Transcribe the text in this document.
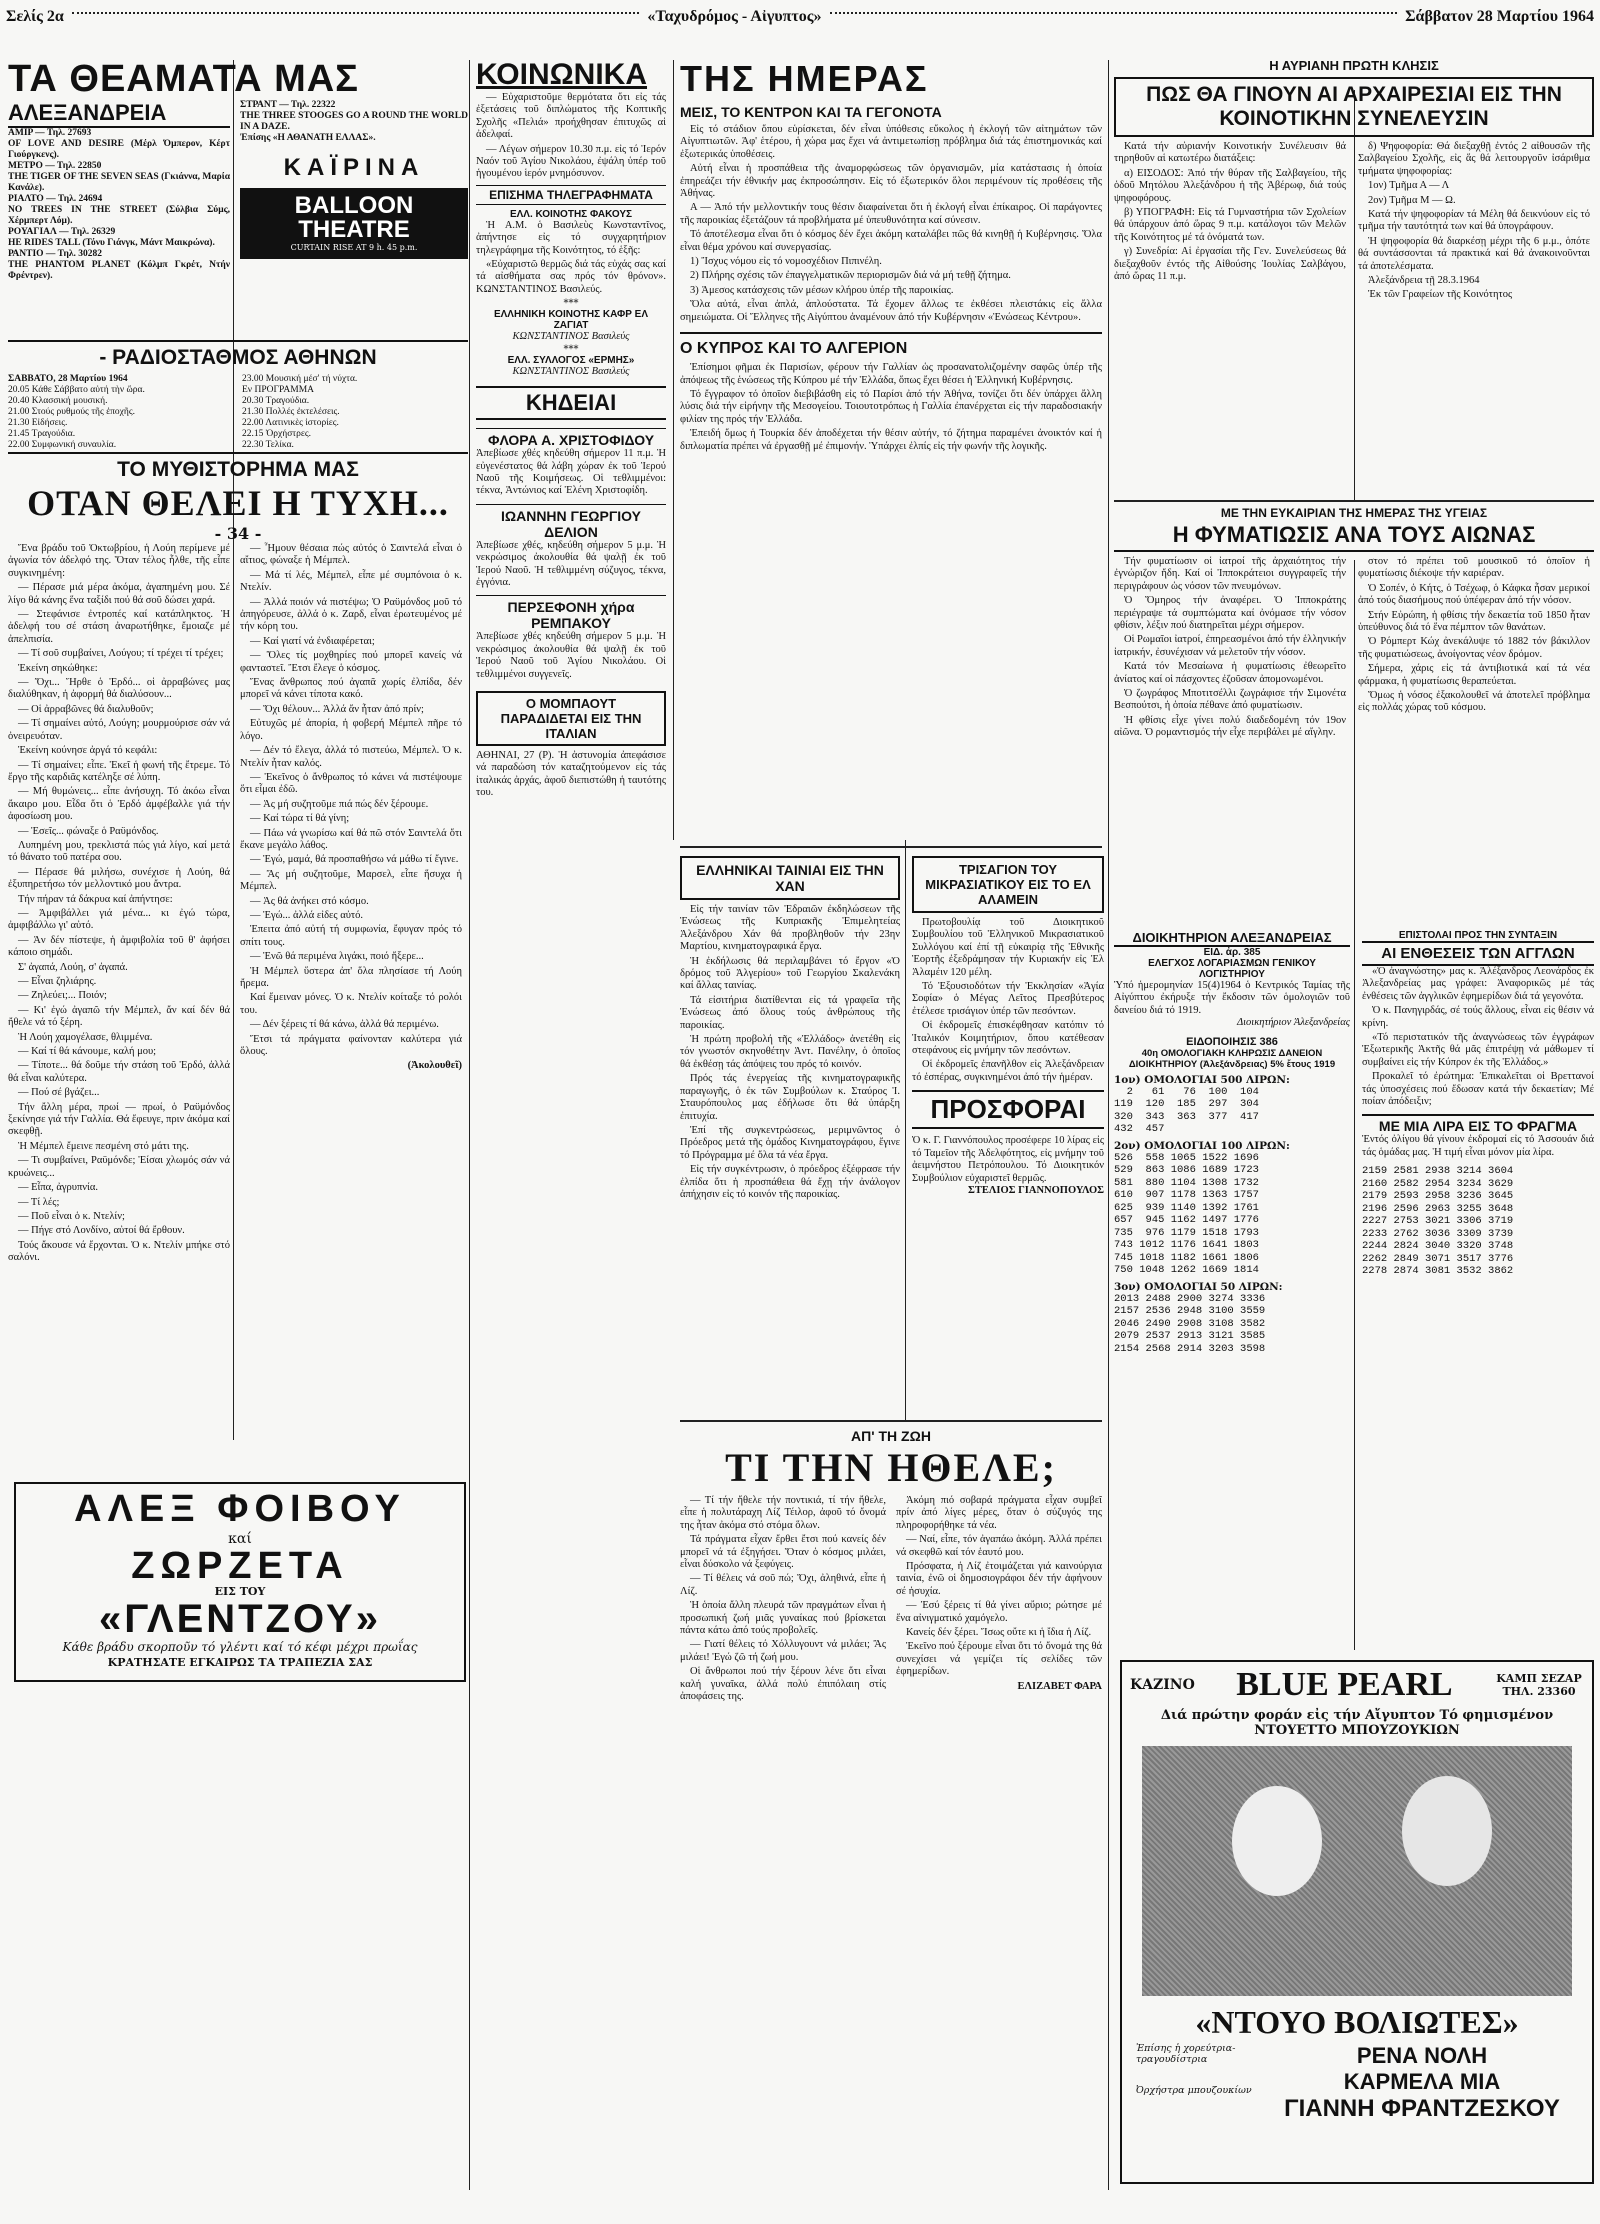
Σελίς 2α	«Ταχυδρόμος - Αἰγυπτος»	Σάββατον 28 Μαρτίου 1964
ΤΑ ΘΕΑΜΑΤΑ ΜΑΣ
ΑΛΕΞΑΝΔΡΕΙΑ
ΑΜΙΡ — Τηλ. 27693
OF LOVE AND DESIRE (Μέρλ Όμπερον, Κέρτ Γιούργκενς).
ΜΕΤΡΟ — Τηλ. 22850
THE TIGER OF THE SEVEN SEAS (Γκιάννα, Μαρία Κανάλε).
ΡΙΑΛΤΟ — Τηλ. 24694
NO TREES IN THE STREET (Σύλβια Σύμς, Χέρμπερτ Λόμ).
ΡΟΥΑΓΙΑΛ — Τηλ. 26329
HE RIDES TALL (Τόνυ Γιάνγκ, Μάντ Μαικρώνα).
ΡΑΝΤΙΟ — Τηλ. 30282
THE PHANTOM PLANET (Κόλμπ Γκρέτ, Ντήν Φρέντρεν).
ΣΤΡΑΝΤ — Τηλ. 22322
THE THREE STOOGES GO A ROUND THE WORLD IN A DAZE.
Ἐπίσης «Η ΑΘΑΝΑΤΗ ΕΛΛΑΣ».
ΚΑΪΡΙΝΑ
BALLOON THEATRE
CURTAIN RISE AT 9 h. 45 p.m.
- ΡΑΔΙΟΣΤΑΘΜΟΣ ΑΘΗΝΩΝ
ΣΑΒΒΑΤΟ, 28 Μαρτίου 1964
20.05 Κάθε Σάββατο αὐτή τὴν ὥρα.
20.40 Κλασσική μουσική.
21.00 Στούς ρυθμούς τῆς ἐποχῆς.
21.30 Εἰδήσεις.
21.45 Τραγούδια.
22.00 Συμφωνική συναυλία.
23.00 Μουσική μέσ' τή νύχτα.
Εν ΠΡΟΓΡΑΜΜΑ
20.30 Τραγούδια.
21.30 Πολλές ἐκτελέσεις.
22.00 Λατινικὲς ἱστορίες.
22.15 Ὀρχήστρες.
22.30 Τελίκα.
ΤΟ ΜΥΘΙΣΤΟΡΗΜΑ ΜΑΣ
ΟΤΑΝ ΘΕΛΕΙ Η ΤΥΧΗ...
- 34 -

Ἕνα βράδυ τοῦ Ὀκτωβρίου, ἡ Λούη περίμενε μέ ἀγωνία τόν ἀδελφό της. Ὅταν τέλος ἦλθε, τῆς εἶπε συγκινημένη:

— Πέρασε μιά μέρα ἀκόμα, ἀγαπημένη μου. Σέ λίγο θά κάνης ἕνα ταξίδι πού θά σοῦ δώσει χαρά.

— Στεφάνισε ἐντροπές καί κατάπληκτος. Ἡ ἀδελφή του σέ στάση ἀναρωτήθηκε, ἔμοιαζε μέ ἀπελπισία.

— Τί σοῦ συμβαίνει, Λούγου; τί τρέχει τί τρέχει;

Ἐκείνη σηκώθηκε:

— Ὄχι... Ἥρθε ὁ Ἐρδό... οἱ ἀρραβώνες μας διαλύθηκαν, ἡ ἀφορμή θά διαλύσουν...

— Οἱ ἀρραβῶνες θά διαλυθοῦν;

— Τί σημαίνει αὐτό, Λούγη; μουρμούρισε σάν νά ὀνειρευόταν.

Ἐκείνη κούνησε ἀργά τό κεφάλι:

— Τί σημαίνει; εἶπε. Ἐκεῖ ἡ φωνή τῆς ἔτρεμε. Τό ἔργο τῆς καρδιᾶς κατέληξε σέ λύπη.

— Μή θυμώνεις... εἶπε ἀνήσυχη. Τό ἀκόω εἶναι ἄκαιρο μου. Εἶδα ὅτι ὁ Ἐρδό ἀμφέβαλλε γιά τήν ἀφοσίωση μου.

— Ἐσεῖς... φώναξε ὁ Ραϋμόνδος.

Λυπημένη μου, τρεκλιστά πώς γιά λίγο, καί μετά τό θάνατο τοῦ πατέρα σου.

— Πέρασε θά μιλήσω, συνέχισε ἡ Λούη, θά ἐξυπηρετήσω τόν μελλοντικό μου ἄντρα.

Τήν πήραν τά δάκρυα καί ἀπήντησε:

— Ἀμφιβάλλει γιά μένα... κι ἐγώ τώρα, ἀμφιβάλλω γι' αὐτό.

— Ἀν δέν πίστεψε, ἡ ἀμφιβολία τοῦ θ' ἀφήσει κάποιο σημάδι.

Σ' ἀγαπά, Λούη, σ' ἀγαπά.

— Εἶναι ζηλιάρης.

— Ζηλεύει;... Ποιόν;

— Κι' ἐγώ ἀγαπῶ τήν Μέμπελ, ἄν καί δέν θά ἤθελε νά τό ξέρη.

Ἡ Λούη χαμογέλασε, θλιμμένα.

— Καί τί θά κάνουμε, καλή μου;

— Τίποτε... θά δοῦμε τήν στάση τοῦ Ἐρδό, ἀλλά θά εἶναι καλύτερα.

— Πού σέ βγάζει...

Τήν ἄλλη μέρα, πρωί — πρωί, ὁ Ραϋμόνδος ξεκίνησε γιά τήν Γαλλία. Θά ἔφευγε, πριν ἀκόμα καί σκεφθῇ.

Ἡ Μέμπελ ἔμεινε πεσμένη στό μάτι της.

— Τι συμβαίνει, Ραϋμόνδε; Ἐίσαι χλωμός σάν νά κρυώνεις...

— Εἶπα, ἀγρυπνία.

— Τί λές;

— Ποῦ εἶναι ὁ κ. Ντελίν;

— Πήγε στό Λονδίνο, αὐτοί θά ἔρθουν.

Τούς ἄκουσε νά ἔρχονται. Ὁ κ. Ντελίν μπήκε στό σαλόνι.

— Ἦμουν θέσαια πώς αὐτός ὁ Σαιντελά εἶναι ὁ αἴτιος, φώναξε ἡ Μέμπελ.

— Μά τί λές, Μέμπελ, εἶπε μέ συμπόνοια ὁ κ. Ντελίν.

— Ἀλλά ποιόν νά πιστέψω; Ὁ Ραϋμόνδος μοῦ τό ἀπηγόρευσε, ἀλλά ὁ κ. Ζαρδ, εἶναι ἐρωτευμένος μέ τήν κόρη του.

— Καί γιατί νά ἐνδιαφέρεται;

— Ὄλες τίς μοχθηρίες πού μπορεῖ κανείς νά φανταστεῖ. Ἔτσι ἔλεγε ὁ κόσμος.

Ἕνας ἄνθρωπος πού ἀγαπᾶ χωρίς ἐλπίδα, δέν μπορεῖ νά κάνει τίποτα κακό.

— Ὄχι θέλουν... Ἀλλά ἄν ἦταν ἀπό πρίν;

Εὐτυχῶς μέ ἀπορία, ἡ φοβερή Μέμπελ πῆρε τό λόγο.

— Δέν τό ἔλεγα, ἀλλά τό πιστεύω, Μέμπελ. Ὁ κ. Ντελίν ἦταν καλός.

— Ἐκεῖνος ὁ ἄνθρωπος τό κάνει νά πιστέψουμε ὅτι εἶμαι ἐδῶ.

— Ἀς μή συζητοῦμε πιά πώς δέν ξέρουμε.

— Καί τώρα τί θά γίνη;

— Πάω νά γνωρίσω καί θά πῶ στόν Σαιντελά ὅτι ἔκανε μεγάλο λάθος.

— Ἐγώ, μαμά, θά προσπαθήσω νά μάθω τί ἔγινε.

— Ἄς μή συζητοῦμε, Μαρσελ, εἶπε ἥσυχα ἡ Μέμπελ.

— Ἀς θά ἀνήκει στό κόσμο.

— Ἐγώ... ἀλλά εἰδες αὐτό.

Ἐπειτα ἀπό αὐτή τή συμφωνία, ἔφυγαν πρός τό σπίτι τους.

— Ἐνῶ θά περιμένα λιγάκι, ποιό ἤξερε...

Ἡ Μέμπελ ὕστερα ἀπ' ὅλα πλησίασε τή Λούη ἤρεμα.

Καί ἔμειναν μόνες. Ὁ κ. Ντελίν κοίταξε τό ρολόι του.

— Δέν ξέρεις τί θά κάνω, ἀλλά θά περιμένω.

Ἔτσι τά πράγματα φαίνονταν καλύτερα γιά ὅλους.

(Ἀκολουθεῖ)
ΑΛΕΞ ΦΟΙΒΟΥ
καί
ΖΩΡΖΕΤΑ
ΕΙΣ ΤΟΥ
«ΓΛΕΝΤΖΟΥ»
Κάθε βράδυ σκορποῦν τό γλέντι καί τό κέφι μέχρι πρωΐας
ΚΡΑΤΗΣΑΤΕ ΕΓΚΑΙΡΩΣ ΤΑ ΤΡΑΠΕΖΙΑ ΣΑΣ
ΚΟΙΝΩΝΙΚΑ

— Εὐχαριστοῦμε θερμότατα ὅτι εἰς τάς ἐξετάσεις τοῦ διπλώματος τῆς Κοπτικῆς Σχολῆς «Πελιά» προήχθησαν ἐπιτυχῶς αἱ ἀδελφαί.

— Λέγων σήμερον 10.30 π.μ. εἰς τό Ἱερόν Ναόν τοῦ Ἁγίου Νικολάου, ἐψάλη ὑπέρ τοῦ ἡγουμένου ἱερόν μνημόσυνον.

ΕΠΙΣΗΜΑ ΤΗΛΕΓΡΑΦΗΜΑΤΑ
ΕΛΛ. ΚΟΙΝΟΤΗΣ ΦΑΚΟΥΣ

Ἡ Α.Μ. ὁ Βασιλεὺς Κωνσταντῖνος, ἀπήντησε εἰς τό συγχαρητήριον τηλεγράφημα τῆς Κοινότητος, τό ἑξῆς:

«Εὐχαριστῶ θερμῶς διά τάς εὐχάς σας καί τά αἰσθήματα σας πρός τόν θρόνον». ΚΩΝΣΤΑΝΤΙΝΟΣ Βασιλεύς.

***
ΕΛΛΗΝΙΚΗ ΚΟΙΝΟΤΗΣ ΚΑΦΡ ΕΛ ΖΑΓΙΑΤ
ΚΩΝΣΤΑΝΤΙΝΟΣ Βασιλεύς
***
ΕΛΛ. ΣΥΛΛΟΓΟΣ «ΕΡΜΗΣ»
ΚΩΝΣΤΑΝΤΙΝΟΣ Βασιλεύς
ΚΗΔΕΙΑΙ
ΦΛΟΡΑ Α. ΧΡΙΣΤΟΦΙΔΟΥ
Ἀπεβίωσε χθές κηδεύθη σήμερον 11 π.μ. Ἡ εὐγενέστατος θά λάβη χώραν ἐκ τοῦ Ἱερού Ναοῦ τῆς Κοιμήσεως. Οἱ τεθλιμμένοι: τέκνα, Ἀντώνιος καί Ἐλένη Χριστοφίδη.
ΙΩΑΝΝΗΝ ΓΕΩΡΓΙΟΥ ΔΕΛΙΟΝ
Ἀπεβίωσε χθές, κηδεύθη σήμερον 5 μ.μ. Ἡ νεκρώσιμος ἀκολουθία θά ψαλῇ ἐκ τοῦ Ἱερού Ναοῦ. Ἡ τεθλιμμένη σύζυγος, τέκνα, ἐγγόνια.
ΠΕΡΣΕΦΟΝΗ χήρα ΡΕΜΠΑΚΟΥ
Ἀπεβίωσε χθές κηδεύθη σήμερον 5 μ.μ. Ἡ νεκρώσιμος ἀκολουθία θά ψαλῇ ἐκ τοῦ Ἱερού Ναοῦ τοῦ Ἁγίου Νικολάου. Οἱ τεθλιμμένοι συγγενεῖς.
Ο ΜΟΜΠΑΟΥΤ ΠΑΡΑΔΙΔΕΤΑΙ ΕΙΣ ΤΗΝ ΙΤΑΛΙΑΝ
ΑΘΗΝΑΙ, 27 (Ρ). Ἡ ἀστυνομία ἀπεφάσισε νά παραδώση τόν καταζητούμενον εἰς τάς ἰταλικάς ἀρχάς, ἀφοῦ διεπιστώθη ἡ ταυτότης του.
ΤΗΣ ΗΜΕΡΑΣ
ΜΕΙΣ, ΤΟ ΚΕΝΤΡΟΝ ΚΑΙ ΤΑ ΓΕΓΟΝΟΤΑ

Εἰς τό στάδιον ὅπου εὑρίσκεται, δέν εἶναι ὑπόθεσις εὔκολος ἡ ἐκλογή τῶν αἰτημάτων τῶν Αἰγυπτιωτῶν. Ἀφ' ἑτέρου, ἡ χώρα μας ἔχει νά ἀντιμετωπίσῃ πρόβλημα διά τάς ἐπιστημονικάς καί ἐξωτερικάς ὑποθέσεις.

Αὐτή εἶναι ἡ προσπάθεια τῆς ἀναμορφώσεως τῶν ὀργανισμῶν, μία κατάστασις ἡ ὁποία ἐπηρεάζει τήν ἐθνικήν μας ἐκπροσώπησιν. Εἰς τό ἐξωτερικόν ὅλοι περιμένουν τίς προθέσεις τῆς Ἀθήνας.

Α — Ἀπό τήν μελλοντικήν τους θέσιν διαφαίνεται ὅτι ἡ ἐκλογή εἶναι ἐπίκαιρος. Οἱ παράγοντες τῆς παροικίας ἐξετάζουν τά προβλήματα μέ ὑπευθυνότητα καί σύνεσιν.

Τό ἀποτέλεσμα εἶναι ὅτι ὁ κόσμος δέν ἔχει ἀκόμη καταλάβει πῶς θά κινηθῇ ἡ Κυβέρνησις. Ὅλα εἶναι θέμα χρόνου καί συνεργασίας.

1) Ἴσχυς νόμου εἰς τό νομοσχέδιον Πιπινέλη.

2) Πλήρης σχέσις τῶν ἐπαγγελματικῶν περιορισμῶν διά νά μή τεθῇ ζήτημα.

3) Ἀμεσος κατάσχεσις τῶν μέσων κλήρου ὑπέρ τῆς παροικίας.

Ὅλα αὐτά, εἶναι ἁπλά, ἀπλούστατα. Τά ἔχομεν ἄλλως τε ἐκθέσει πλειστάκις εἰς ἄλλα σημειώματα. Οἱ Ἕλληνες τῆς Αἰγύπτου ἀναμένουν ἀπό τήν Κυβέρνησιν «Ἑνώσεως Κέντρου».

Ο ΚΥΠΡΟΣ ΚΑΙ ΤΟ ΑΛΓΕΡΙΟΝ

Ἐπίσημοι φῆμαι ἐκ Παρισίων, φέρουν τήν Γαλλίαν ὡς προσανατολιζομένην σαφῶς ὑπέρ τῆς ἀπόψεως τῆς ἑνώσεως τῆς Κύπρου μέ τήν Ἑλλάδα, ὅπως ἔχει θέσει ἡ Ἑλληνική Κυβέρνησις.

Τό ἔγγραφον τό ὁποῖον διεβιβάσθη εἰς τό Παρίσι ἀπό τήν Ἀθήνα, τονίζει ὅτι δέν ὑπάρχει ἄλλη λύσις διά τήν εἰρήνην τῆς Μεσογείου. Τοιουτοτρόπως ἡ Γαλλία ἐπανέρχεται εἰς τήν παραδοσιακήν φιλίαν της πρός τήν Ἑλλάδα.

Ἐπειδή ὅμως ἡ Τουρκία δέν ἀποδέχεται τήν θέσιν αὐτήν, τό ζήτημα παραμένει ἀνοικτόν καί ἡ διπλωματία πρέπει νά ἐργασθῇ μέ ἐπιμονήν. Ὑπάρχει ἐλπίς εἰς τήν φωνήν τῆς λογικῆς.

ΕΛΛΗΝΙΚΑΙ ΤΑΙΝΙΑΙ ΕΙΣ ΤΗΝ ΧΑΝ

Εἰς τήν ταινίαν τῶν Ἐδραιῶν ἐκδηλώσεων τῆς Ἑνώσεως τῆς Κυπριακῆς Ἐπιμελητείας Ἀλεξάνδρου Χάν θά προβληθοῦν τήν 23ην Μαρτίου, κινηματογραφικά ἔργα.

Ἡ ἐκδήλωσις θά περιλαμβάνει τό ἔργον «Ὁ δρόμος τοῦ Ἀλγερίου» τοῦ Γεωργίου Σκαλενάκη καί ἄλλας ταινίας.

Τά εἰσιτήρια διατίθενται εἰς τά γραφεῖα τῆς Ἑνώσεως ἀπό ὅλους τούς ἀνθρώπους τῆς παροικίας.

Ἡ πρώτη προβολή τῆς «Ἐλλάδος» ἀνετέθη εἰς τόν γνωστόν σκηνοθέτην Ἀντ. Πανέλην, ὁ ὁποῖος θά ἐκθέσῃ τάς ἀπόψεις του πρός τό κοινόν.

Πρός τάς ἐνεργείας τῆς κινηματογραφικῆς παραγωγῆς, ὁ ἐκ τῶν Συμβούλων κ. Σταύρος Ἰ. Σταυρόπουλος μας ἐδήλωσε ὅτι θά ὑπάρξη ἐπιτυχία.

Ἐπί τῆς συγκεντρώσεως, μεριμνῶντος ὁ Πρόεδρος μετά τῆς ὁμάδος Κινηματογράφου, ἔγινε τό Πρόγραμμα μέ ὅλα τά νέα ἔργα.

Εἰς τήν συγκέντρωσιν, ὁ πρόεδρος ἐξέφρασε τήν ἐλπίδα ὅτι ἡ προσπάθεια θά ἔχῃ τήν ἀνάλογον ἀπήχησιν εἰς τό κοινόν τῆς παροικίας.

ΤΡΙΣΑΓΙΟΝ ΤΟΥ ΜΙΚΡΑΣΙΑΤΙΚΟΥ ΕΙΣ ΤΟ ΕΛ ΑΛΑΜΕΙΝ

Πρωτοβουλίᾳ τοῦ Διοικητικοῦ Συμβουλίου τοῦ Ἑλληνικοῦ Μικρασιατικοῦ Συλλόγου καί ἐπί τῇ εὐκαιρίᾳ τῆς Ἐθνικῆς Ἑορτῆς ἐξεδράμησαν τήν Κυριακήν εἰς Ἐλ Ἀλαμέιν 120 μέλη.

Τό Ἐξουσιοδότων τήν Ἐκκλησίαν «Ἁγία Σοφία» ὁ Μέγας Λεῖτος Πρεσβύτερος ἐτέλεσε τρισάγιον ὑπέρ τῶν πεσόντων.

Οἱ ἐκδρομεῖς ἐπισκέφθησαν κατόπιν τό Ἰταλικόν Κοιμητήριον, ὅπου κατέθεσαν στεφάνους εἰς μνήμην τῶν πεσόντων.

Οἱ ἐκδρομεῖς ἐπανῆλθον εἰς Ἀλεξάνδρειαν τό ἑσπέρας, συγκινημένοι ἀπό τήν ἡμέραν.

ΠΡΟΣΦΟΡΑΙ
Ὁ κ. Γ. Γιαννόπουλος προσέφερε 10 λίρας εἰς τό Ταμεῖον τῆς Ἀδελφότητος, εἰς μνήμην τοῦ ἀειμνήστου Πετρόπουλου. Τό Διοικητικόν Συμβούλιον εὐχαριστεῖ θερμῶς.
ΣΤΕΛΙΟΣ ΓΙΑΝΝΟΠΟΥΛΟΣ
ΑΠ' ΤΗ ΖΩΗ
ΤΙ ΤΗΝ ΗΘΕΛΕ;

— Τί τήν ἤθελε τήν ποντικιά, τί τήν ἤθελε, εἶπε ἡ πολυτάραχη Λίζ Τέιλορ, ἀφοῦ τό ὄνομά της ἦταν ἀκόμα στό στόμα ὅλων.

Τά πράγματα εἶχαν ἔρθει ἔτσι πού κανείς δέν μπορεῖ νά τά ἐξηγήσει. Ὅταν ὁ κόσμος μιλάει, εἶναι δύσκολο νά ξεφύγεις.

— Τί θέλεις νά σοῦ πώ; Ὄχι, ἀληθινά, εἶπε ἡ Λίζ.

Ἡ ὁποία ἄλλη πλευρά τῶν πραγμάτων εἶναι ἡ προσωπική ζωή μιᾶς γυναίκας πού βρίσκεται πάντα κάτω ἀπό τούς προβολεῖς.

— Γιατί θέλεις τό Χόλλυγουντ νά μιλάει; Ἄς μιλάει! Ἐγώ ζῶ τή ζωή μου.

Οἱ ἄνθρωποι πού τήν ξέρουν λένε ὅτι εἶναι καλή γυναῖκα, ἀλλά πολύ ἐπιπόλαιη στίς ἀποφάσεις της.

Ἀκόμη πιό σοβαρά πράγματα εἶχαν συμβεῖ πρίν ἀπό λίγες μέρες, ὅταν ὁ σύζυγός της πληροφορήθηκε τά νέα.

— Ναί, εἶπε, τόν ἀγαπάω ἀκόμη. Ἀλλά πρέπει νά σκεφθῶ καί τόν ἑαυτό μου.

Πρόσφατα, ἡ Λίζ ἐτοιμάζεται γιά καινούργια ταινία, ἐνῶ οἱ δημοσιογράφοι δέν τήν ἀφήνουν σέ ἡσυχία.

— Ἐσύ ξέρεις τί θά γίνει αὔριο; ρώτησε μέ ἕνα αἰνιγματικό χαμόγελο.

Κανείς δέν ξέρει. Ἴσως οὔτε κι ἡ ἴδια ἡ Λίζ.

Ἐκεῖνο πού ξέρουμε εἶναι ὅτι τό ὄνομά της θά συνεχίσει νά γεμίζει τίς σελίδες τῶν ἐφημερίδων.

ΕΛΙΖΑΒΕΤ ΦΑΡΑ
Η ΑΥΡΙΑΝΗ ΠΡΩΤΗ ΚΛΗΣΙΣ
ΠΩΣ ΘΑ ΓΙΝΟΥΝ ΑΙ ΑΡΧΑΙΡΕΣΙΑΙ ΕΙΣ ΤΗΝ ΚΟΙΝΟΤΙΚΗΝ ΣΥΝΕΛΕΥΣΙΝ

Κατά τήν αὐριανήν Κοινοτικήν Συνέλευσιν θά τηρηθοῦν αἱ κατωτέρω διατάξεις:

α) ΕΙΣΟΔΟΣ: Ἀπό τήν θύραν τῆς Σαλβαγείου, τῆς ὁδοῦ Μητόλου Ἀλεξάνδρου ἡ τῆς Ἀβέρωφ, διά τούς ψηφοφόρους.

β) ΥΠΟΓΡΑΦΗ: Εἰς τά Γυμναστήρια τῶν Σχολείων θά ὑπάρχουν ἀπό ὥρας 9 π.μ. κατάλογοι τῶν Μελῶν τῆς Κοινότητος μέ τά ὀνόματά των.

γ) Συνεδρία: Αἱ ἐργασίαι τῆς Γεν. Συνελεύσεως θά διεξαχθοῦν ἐντός τῆς Αἰθούσης Ἰουλίας Σαλβάγου, ἀπό ὥρας 11 π.μ.

δ) Ψηφοφορία: Θά διεξαχθῇ ἐντός 2 αἰθουσῶν τῆς Σαλβαγείου Σχολῆς, εἰς ἅς θά λειτουργοῦν ἰσάριθμα τμήματα ψηφοφορίας:

1ον) Τμῆμα Α — Λ

2ον) Τμῆμα Μ — Ω.

Κατά τήν ψηφοφορίαν τά Μέλη θά δεικνύουν εἰς τό τμῆμα τήν ταυτότητά των καί θά ὑπογράφουν.

Ἡ ψηφοφορία θά διαρκέσῃ μέχρι τῆς 6 μ.μ., ὁπότε θά συντάσσονται τά πρακτικά καί θά ἀνακοινοῦνται τά ἀποτελέσματα.

Ἀλεξάνδρεια τῇ 28.3.1964

Ἐκ τῶν Γραφείων τῆς Κοινότητος

ΜΕ ΤΗΝ ΕΥΚΑΙΡΙΑΝ ΤΗΣ ΗΜΕΡΑΣ ΤΗΣ ΥΓΕΙΑΣ
Η ΦΥΜΑΤΙΩΣΙΣ ΑΝΑ ΤΟΥΣ ΑΙΩΝΑΣ

Τήν φυματίωσιν οἱ ἰατροί τῆς ἀρχαιότητος τήν ἐγνώριζον ἤδη. Καί οἱ Ἱπποκράτειοι συγγραφεῖς τήν περιγράφουν ὡς νόσον τῶν πνευμόνων.

Ὁ Ὅμηρος τήν ἀναφέρει. Ὁ Ἱπποκράτης περιέγραψε τά συμπτώματα καί ὀνόμασε τήν νόσον φθίσιν, λέξιν πού διατηρεῖται μέχρι σήμερον.

Οἱ Ρωμαῖοι ἰατροί, ἐπηρεασμένοι ἀπό τήν ἑλληνικήν ἰατρικήν, ἐσυνέχισαν νά μελετοῦν τήν νόσον.

Κατά τόν Μεσαίωνα ἡ φυματίωσις ἐθεωρεῖτο ἀνίατος καί οἱ πάσχοντες ἐζοῦσαν ἀπομονωμένοι.

Ὁ ζωγράφος Μποτιτσέλλι ζωγράφισε τήν Σιμονέτα Βεσπούτσι, ἡ ὁποία πέθανε ἀπό φυματίωσιν.

Ἡ φθίσις εἶχε γίνει πολύ διαδεδομένη τόν 19ον αἰῶνα. Ὁ ρομαντισμός τήν εἶχε περιβάλει μέ αἴγλην.

στον τό πρέπει τοῦ μουσικοῦ τό ὁποῖον ἡ φυματίωσις διέκοψε τήν καριέραν.

Ὁ Σοπέν, ὁ Κήτς, ὁ Τσέχωφ, ὁ Κάφκα ἦσαν μερικοί ἀπό τούς διασήμους πού ὑπέφεραν ἀπό τήν νόσον.

Στήν Εὐρώπη, ἡ φθίσις τήν δεκαετία τοῦ 1850 ἦταν ὑπεύθυνος διά τό ἕνα πέμπτον τῶν θανάτων.

Ὁ Ρόμπερτ Κώχ ἀνεκάλυψε τό 1882 τόν βάκιλλον τῆς φυματιώσεως, ἀνοίγοντας νέον δρόμον.

Σήμερα, χάρις εἰς τά ἀντιβιοτικά καί τά νέα φάρμακα, ἡ φυματίωσις θεραπεύεται.

Ὅμως ἡ νόσος ἐξακολουθεῖ νά ἀποτελεῖ πρόβλημα εἰς πολλάς χώρας τοῦ κόσμου.

ΔΙΟΙΚΗΤΗΡΙΟΝ ΑΛΕΞΑΝΔΡΕΙΑΣ
ΕΙΔ. ἀρ. 385
ΕΛΕΓΧΟΣ ΛΟΓΑΡΙΑΣΜΩΝ ΓΕΝΙΚΟΥ ΛΟΓΙΣΤΗΡΙΟΥ
Ὑπό ἡμερομηνίαν 15(4)1964 ὁ Κεντρικός Ταμίας τῆς Αἰγύπτου ἐκήρυξε τήν ἔκδοσιν τῶν ὁμολογιῶν τοῦ δανείου διά τό 1919.
Διοικητήριον Ἀλεξανδρείας
ΕΙΔΟΠΟΙΗΣΙΣ 386
40η ΟΜΟΛΟΓΙΑΚΗ ΚΛΗΡΩΣΙΣ ΔΑΝΕΙΟΝ ΔΙΟΙΚΗΤΗΡΙΟΥ (Ἀλεξάνδρειας) 5% ἔτους 1919
1ον) ΟΜΟΛΟΓΙΑΙ 500 ΛΙΡΩΝ:
2   61   76  100  104
119  120  185  297  304
320  343  363  377  417
432  457
2ον) ΟΜΟΛΟΓΙΑΙ 100 ΛΙΡΩΝ:
526  558 1065 1522 1696
529  863 1086 1689 1723
581  880 1104 1308 1732
610  907 1178 1363 1757
625  939 1140 1392 1761
657  945 1162 1497 1776
735  976 1179 1518 1793
743 1012 1176 1641 1803
745 1018 1182 1661 1806
750 1048 1262 1669 1814
3ον) ΟΜΟΛΟΓΙΑΙ 50 ΛΙΡΩΝ:
2013 2488 2900 3274 3336
2157 2536 2948 3100 3559
2046 2490 2908 3108 3582
2079 2537 2913 3121 3585
2154 2568 2914 3203 3598
ΕΠΙΣΤΟΛΑΙ ΠΡΟΣ ΤΗΝ ΣΥΝΤΑΞΙΝ
ΑΙ ΕΝΘΕΣΕΙΣ ΤΩΝ ΑΓΓΛΩΝ

«Ὁ ἀναγνώστης» μας κ. Ἀλέξανδρος Λεονάρδος ἐκ Ἀλεξανδρείας μας γράφει: Ἀναφορικῶς μέ τάς ἐνθέσεις τῶν ἀγγλικῶν ἐφημερίδων διά τά γεγονότα.

Ὁ κ. Πανηγιρδάς, σέ τούς ἄλλους, εἶναι εἰς θέσιν νά κρίνη.

«Τό περιστατικόν τῆς ἀναγνώσεως τῶν ἐγγράφων Ἐξωτερικῆς Ἀκτῆς θά μᾶς ἐπιτρέψῃ νά μάθωμεν τί συμβαίνει εἰς τήν Κύπρον ἐκ τῆς Ἑλλάδος.»

Προκαλεῖ τό ἐρώτημα: Ἐπικαλεῖται οἱ Βρεττανοί τάς ὑποσχέσεις πού ἔδωσαν κατά τήν δεκαετίαν; Μέ ποίαν ἀπόδειξιν;

ΜΕ ΜΙΑ ΛΙΡΑ ΕΙΣ ΤΟ ΦΡΑΓΜΑ
Ἐντός ὀλίγου θά γίνουν ἐκδρομαί εἰς τό Ἀσσουάν διά τάς ὁμάδας μας. Ἡ τιμή εἶναι μόνον μία λίρα.
2159 2581 2938 3214 3604
2160 2582 2954 3234 3629
2179 2593 2958 3236 3645
2196 2596 2963 3255 3648
2227 2753 3021 3306 3719
2233 2762 3036 3309 3739
2244 2824 3040 3320 3748
2262 2849 3071 3517 3776
2278 2874 3081 3532 3862
ΚΑΖΙΝΟ BLUE PEARL	ΚΑΜΠ ΣΕΖΑΡ ΤΗΛ. 23360
Διά πρώτην φοράν εἰς τήν Αἴγυπτον Τό φημισμένον ΝΤΟΥΕΤΤΟ ΜΠΟΥΖΟΥΚΙΩΝ
«ΝΤΟΥΟ ΒΟΛΙΩΤΕΣ»
Ἐπίσης ἡ χορεύτρια-τραγουδίστρια
Ὀρχήστρα μπουζουκίων
ΡΕΝΑ ΝΟΛΗ
ΚΑΡΜΕΛΑ ΜΙΑ
ΓΙΑΝΝΗ ΦΡΑΝΤΖΕΣΚΟΥ
